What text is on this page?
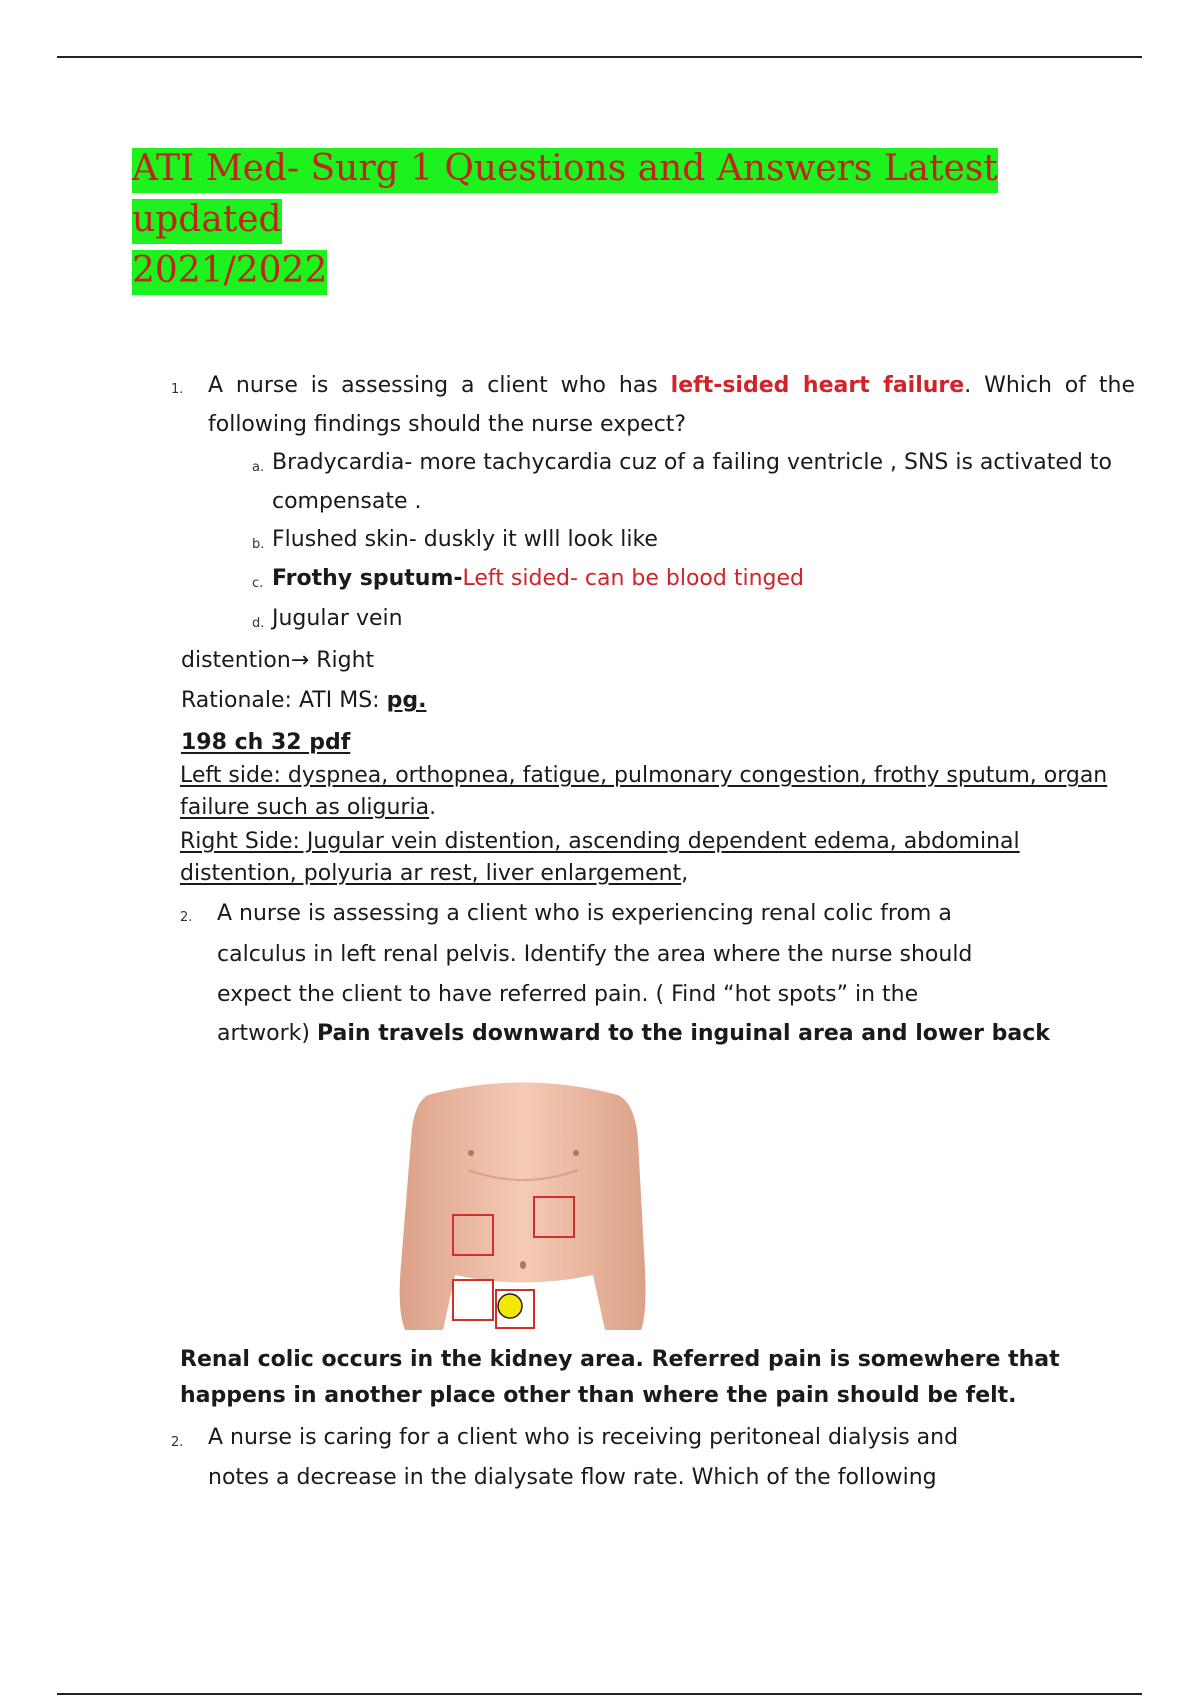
ATI Med- Surg 1 Questions and Answers Latest updated
2021/2022
1. A nurse is assessing a client who has left-sided heart failure. Which of the

following findings should the nurse expect?

a. Bradycardia- more tachycardia cuz of a failing ventricle , SNS is activated to

compensate .

b. Flushed skin- duskly it wIll look like

c. Frothy sputum-Left sided- can be blood tinged

d. Jugular vein

distention→ Right

Rationale: ATI MS: pg.

198 ch 32 pdf

Left side: dyspnea, orthopnea, fatigue, pulmonary congestion, frothy sputum, organ
failure such as oliguria.
Right Side: Jugular vein distention, ascending dependent edema, abdominal
distention, polyuria ar rest, liver enlargement,
2. A nurse is assessing a client who is experiencing renal colic from a

calculus in left renal pelvis. Identify the area where the nurse should

expect the client to have referred pain. ( Find “hot spots” in the

artwork) Pain travels downward to the inguinal area and lower back

Renal colic occurs in the kidney area. Referred pain is somewhere that
happens in another place other than where the pain should be felt.
2. A nurse is caring for a client who is receiving peritoneal dialysis and

notes a decrease in the dialysate flow rate. Which of the following
